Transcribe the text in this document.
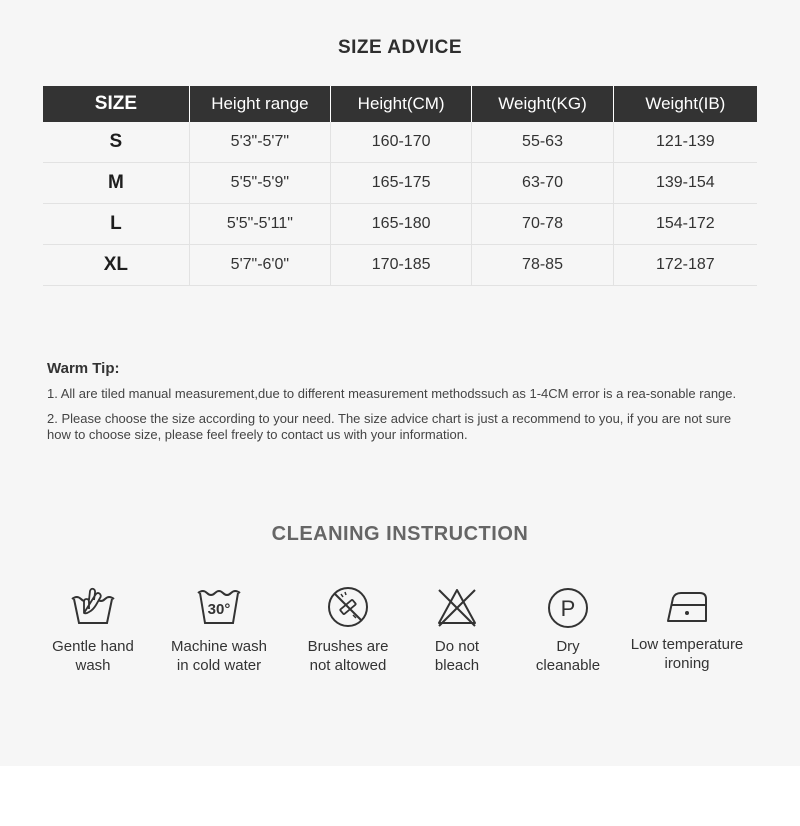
SIZE ADVICE
SIZE	Height range	Height(CM)	Weight(KG)	Weight(IB)
S	5'3"-5'7"	160-170	55-63	121-139
M	5'5"-5'9"	165-175	63-70	139-154
L	5'5"-5'11"	165-180	70-78	154-172
XL	5'7"-6'0"	170-185	78-85	172-187
Warm Tip:

1. All are tiled manual measurement,due to different measurement methodssuch as 1-4CM error is a rea-sonable range.

2. Please choose the size according to your need. The size advice chart is just a recommend to you, if you are not sure how to choose size, please feel freely to contact us with your information.

CLEANING INSTRUCTION
Gentle hand
wash
30°
Machine wash
in cold water
Brushes are
not altowed
Do not
bleach
P
Dry
cleanable
Low temperature
ironing
